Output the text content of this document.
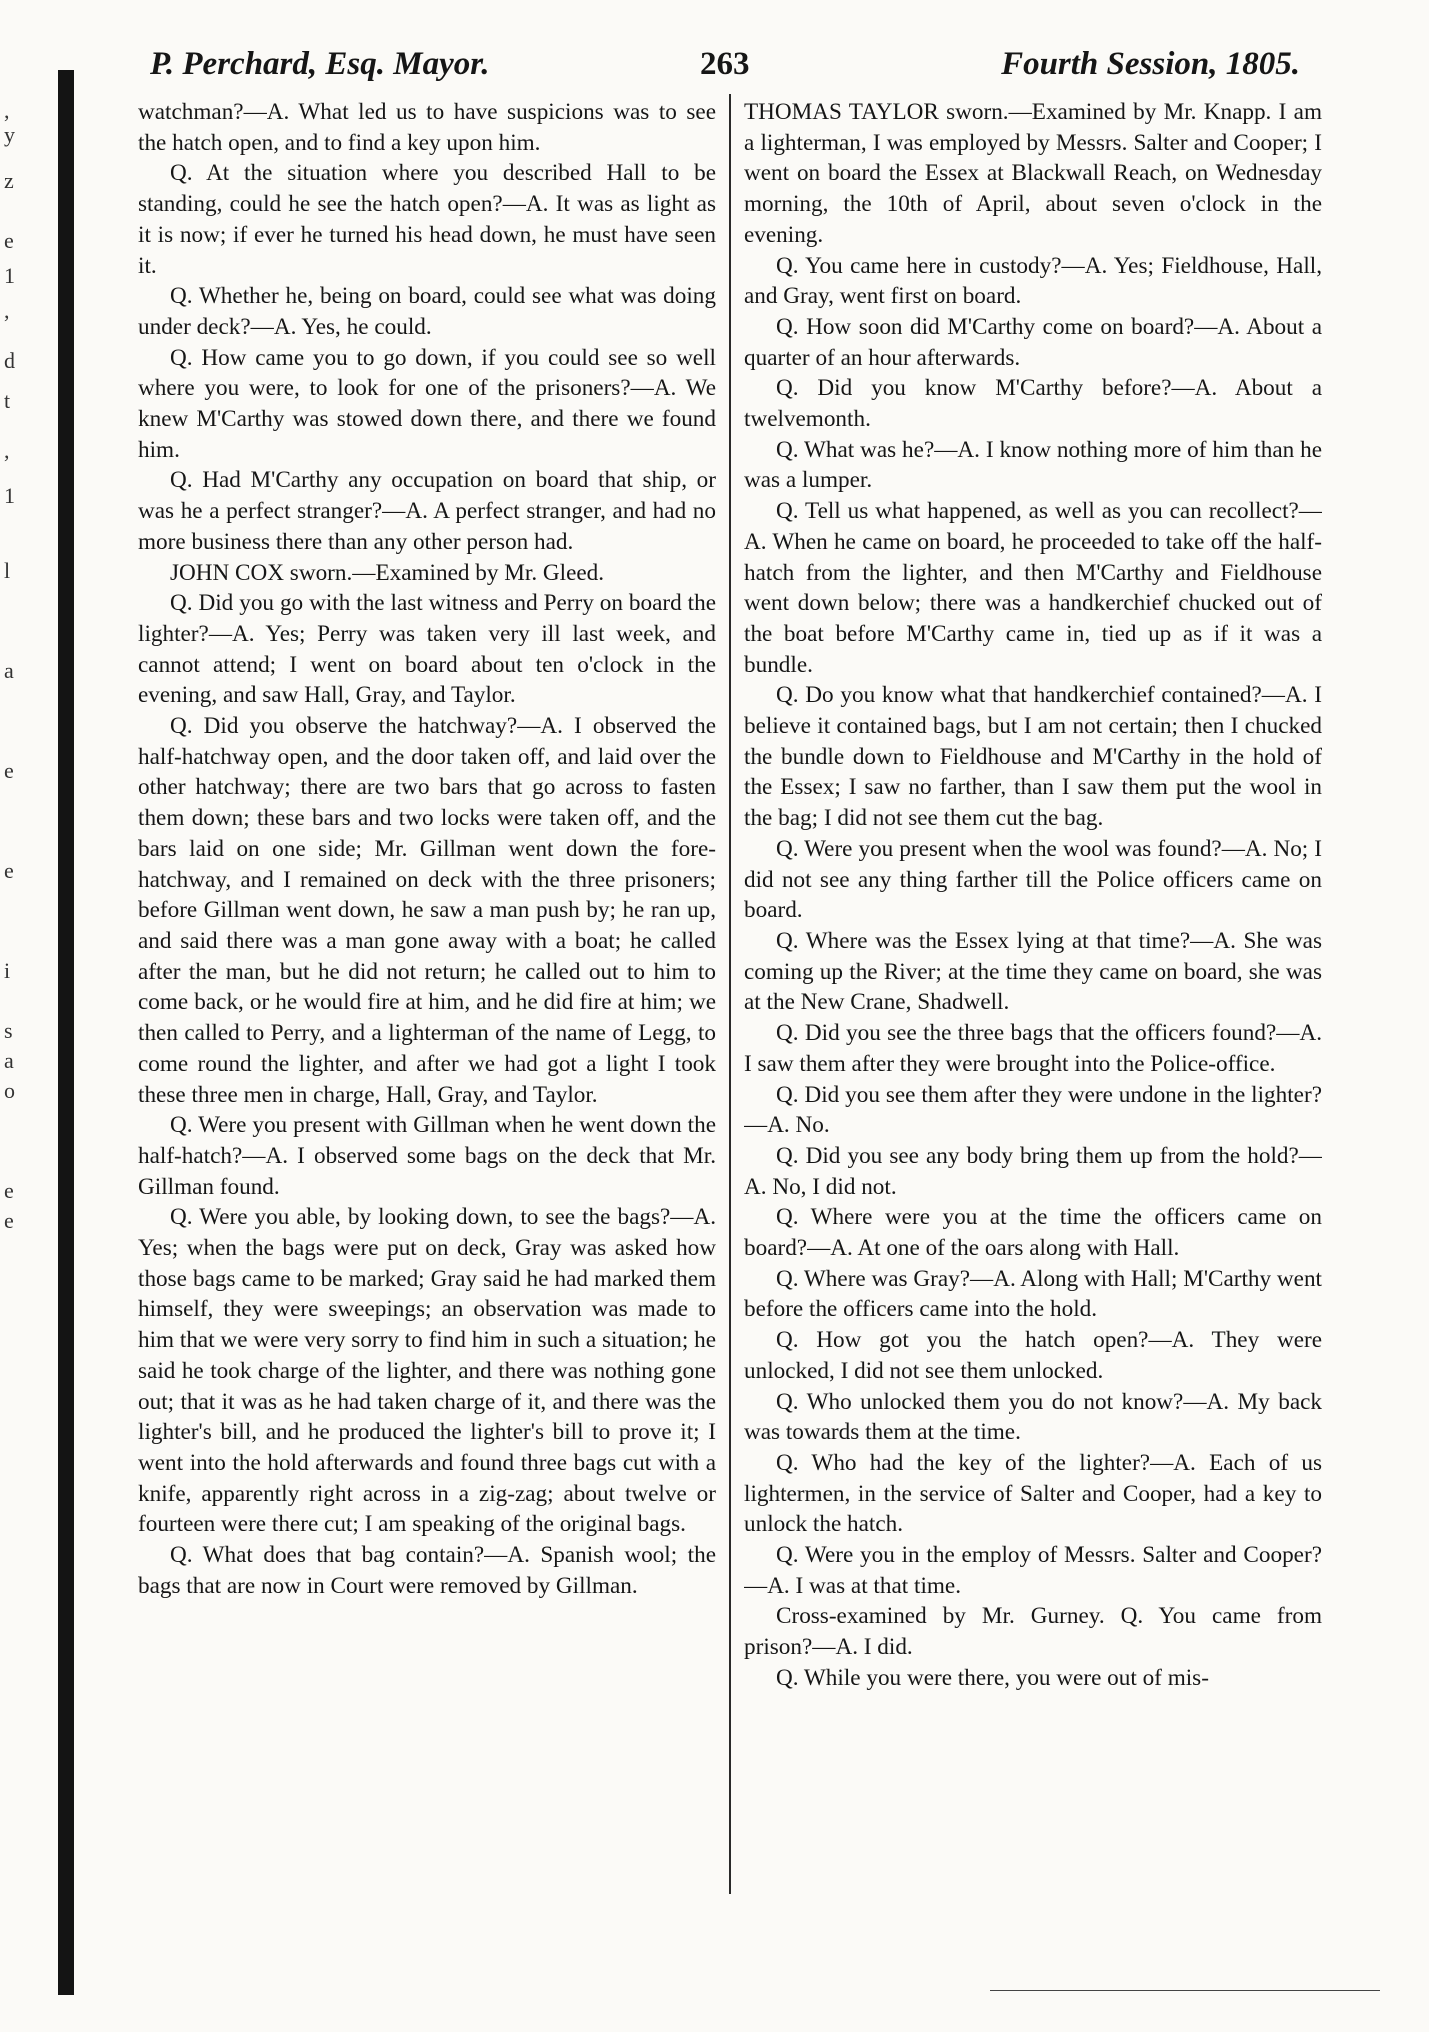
,
y
z
e
1
,
d
t
,
1
l
a
e
e
i
s
a
o
e
e
P. Perchard, Esq. Mayor.	263	Fourth Session, 1805.

watchman?—A. What led us to have suspicions was to see the hatch open, and to find a key upon him.

Q. At the situation where you described Hall to be standing, could he see the hatch open?—A. It was as light as it is now; if ever he turned his head down, he must have seen it.

Q. Whether he, being on board, could see what was doing under deck?—A. Yes, he could.

Q. How came you to go down, if you could see so well where you were, to look for one of the prisoners?—A. We knew M'Carthy was stowed down there, and there we found him.

Q. Had M'Carthy any occupation on board that ship, or was he a perfect stranger?—A. A perfect stranger, and had no more business there than any other person had.

JOHN COX sworn.—Examined by Mr. Gleed.

Q. Did you go with the last witness and Perry on board the lighter?—A. Yes; Perry was taken very ill last week, and cannot attend; I went on board about ten o'clock in the evening, and saw Hall, Gray, and Taylor.

Q. Did you observe the hatchway?—A. I observed the half-hatchway open, and the door taken off, and laid over the other hatchway; there are two bars that go across to fasten them down; these bars and two locks were taken off, and the bars laid on one side; Mr. Gillman went down the fore-hatchway, and I remained on deck with the three prisoners; before Gillman went down, he saw a man push by; he ran up, and said there was a man gone away with a boat; he called after the man, but he did not return; he called out to him to come back, or he would fire at him, and he did fire at him; we then called to Perry, and a lighterman of the name of Legg, to come round the lighter, and after we had got a light I took these three men in charge, Hall, Gray, and Taylor.

Q. Were you present with Gillman when he went down the half-hatch?—A. I observed some bags on the deck that Mr. Gillman found.

Q. Were you able, by looking down, to see the bags?—A. Yes; when the bags were put on deck, Gray was asked how those bags came to be marked; Gray said he had marked them himself, they were sweepings; an observation was made to him that we were very sorry to find him in such a situation; he said he took charge of the lighter, and there was nothing gone out; that it was as he had taken charge of it, and there was the lighter's bill, and he produced the lighter's bill to prove it; I went into the hold afterwards and found three bags cut with a knife, apparently right across in a zig-zag; about twelve or fourteen were there cut; I am speaking of the original bags.

Q. What does that bag contain?—A. Spanish wool; the bags that are now in Court were removed by Gillman.

THOMAS TAYLOR sworn.—Examined by Mr. Knapp. I am a lighterman, I was employed by Messrs. Salter and Cooper; I went on board the Essex at Blackwall Reach, on Wednesday morning, the 10th of April, about seven o'clock in the evening.

Q. You came here in custody?—A. Yes; Fieldhouse, Hall, and Gray, went first on board.

Q. How soon did M'Carthy come on board?—A. About a quarter of an hour afterwards.

Q. Did you know M'Carthy before?—A. About a twelvemonth.

Q. What was he?—A. I know nothing more of him than he was a lumper.

Q. Tell us what happened, as well as you can recollect?—A. When he came on board, he proceeded to take off the half-hatch from the lighter, and then M'Carthy and Fieldhouse went down below; there was a handkerchief chucked out of the boat before M'Carthy came in, tied up as if it was a bundle.

Q. Do you know what that handkerchief contained?—A. I believe it contained bags, but I am not certain; then I chucked the bundle down to Fieldhouse and M'Carthy in the hold of the Essex; I saw no farther, than I saw them put the wool in the bag; I did not see them cut the bag.

Q. Were you present when the wool was found?—A. No; I did not see any thing farther till the Police officers came on board.

Q. Where was the Essex lying at that time?—A. She was coming up the River; at the time they came on board, she was at the New Crane, Shadwell.

Q. Did you see the three bags that the officers found?—A. I saw them after they were brought into the Police-office.

Q. Did you see them after they were undone in the lighter?—A. No.

Q. Did you see any body bring them up from the hold?—A. No, I did not.

Q. Where were you at the time the officers came on board?—A. At one of the oars along with Hall.

Q. Where was Gray?—A. Along with Hall; M'Carthy went before the officers came into the hold.

Q. How got you the hatch open?—A. They were unlocked, I did not see them unlocked.

Q. Who unlocked them you do not know?—A. My back was towards them at the time.

Q. Who had the key of the lighter?—A. Each of us lightermen, in the service of Salter and Cooper, had a key to unlock the hatch.

Q. Were you in the employ of Messrs. Salter and Cooper?—A. I was at that time.

Cross-examined by Mr. Gurney. Q. You came from prison?—A. I did.

Q. While you were there, you were out of mis-
